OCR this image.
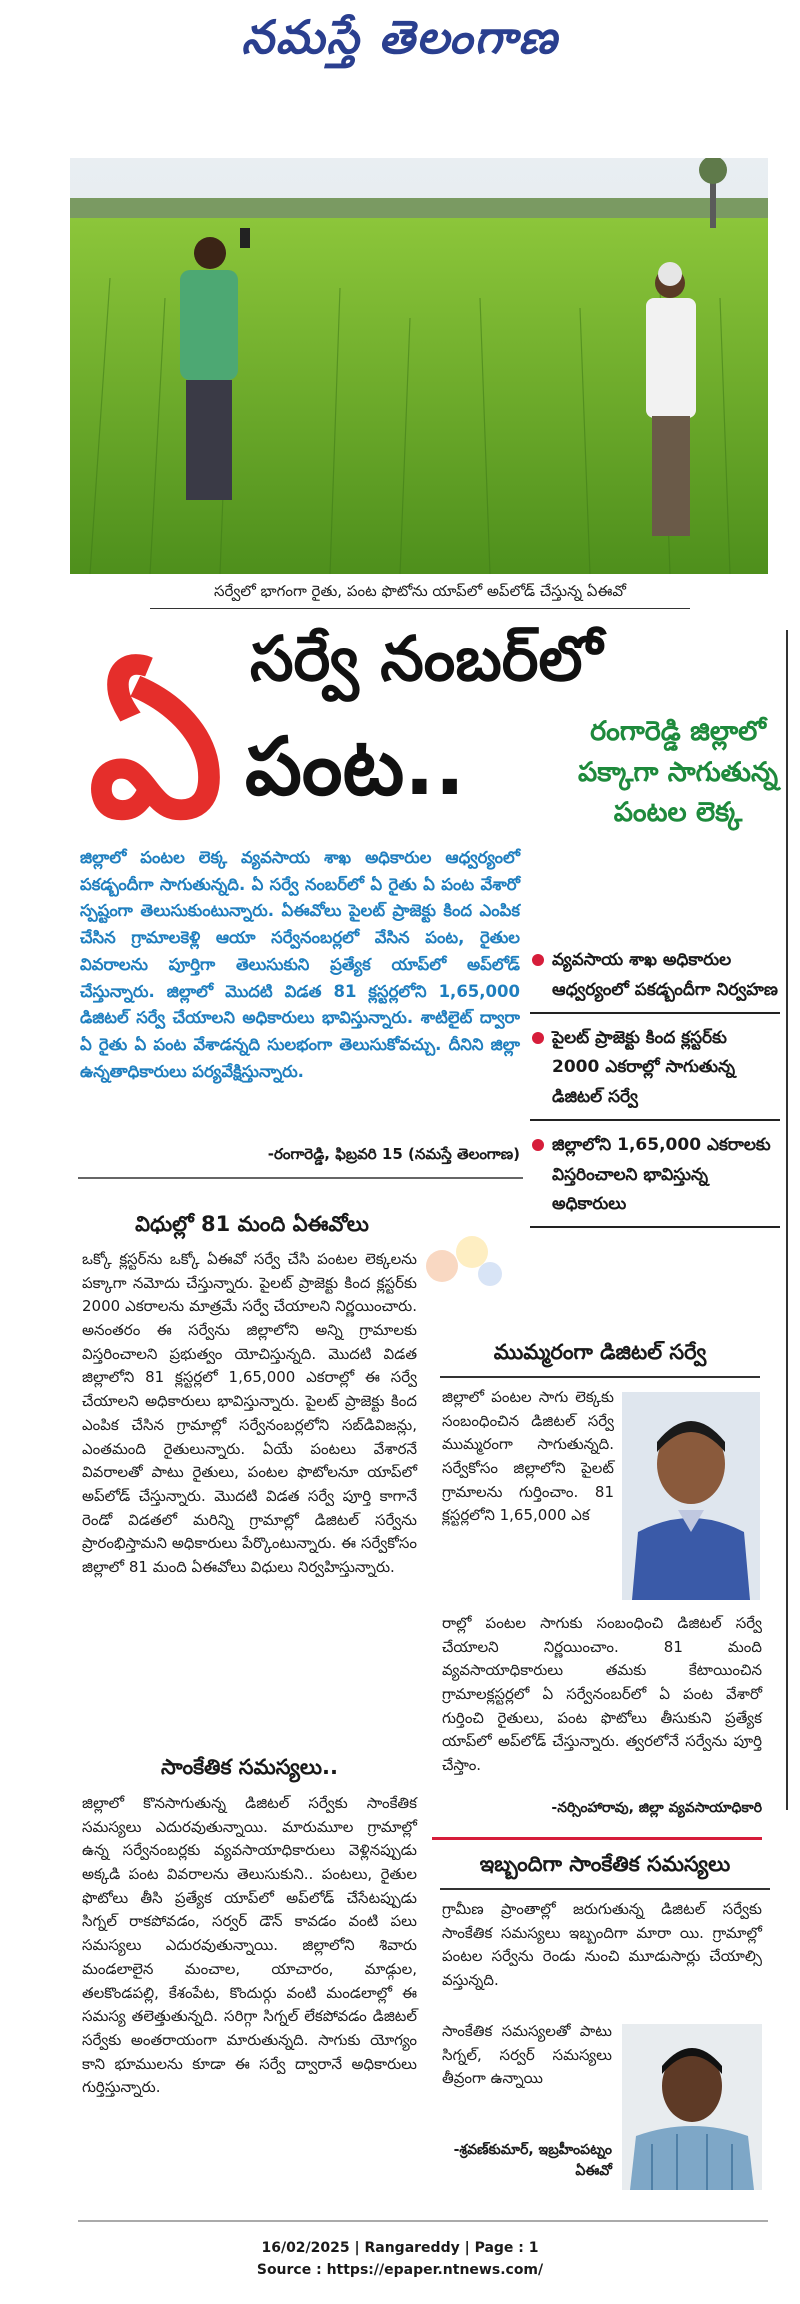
నమస్తే తెలంగాణ
సర్వేలో భాగంగా రైతు, పంట ఫొటోను యాప్‌లో అప్‌లోడ్‌ చేస్తున్న ఏఈవో
ఏ సర్వే నంబర్‌లో
పంట..	రంగారెడ్డి జిల్లాలో పక్కాగా సాగుతున్న పంటల లెక్క
వ్యవసాయ శాఖ అధికారుల ఆధ్వర్యంలో పకడ్బందీగా నిర్వహణ
పైలట్‌ ప్రాజెక్టు కింద క్లస్టర్‌కు 2000 ఎకరాల్లో సాగుతున్న డిజిటల్‌ సర్వే
జిల్లాలోని 1,65,000 ఎకరాలకు విస్తరించాలని భావిస్తున్న అధికారులు
జిల్లాలో పంటల లెక్క వ్యవసాయ శాఖ అధికారుల ఆధ్వర్యంలో పకడ్బందీగా సాగుతున్నది. ఏ సర్వే నంబర్‌లో ఏ రైతు ఏ పంట వేశారో స్పష్టంగా తెలుసుకుంటున్నారు. ఏఈవోలు పైలట్‌ ప్రాజెక్టు కింద ఎంపిక చేసిన గ్రామాలకెళ్లి ఆయా సర్వేనంబర్లలో వేసిన పంట, రైతుల వివరాలను పూర్తిగా తెలుసుకుని ప్రత్యేక యాప్‌లో అప్‌లోడ్‌ చేస్తున్నారు. జిల్లాలో మొదటి విడత 81 క్లస్టర్లలోని 1,65,000 డిజిటల్‌ సర్వే చేయాలని అధికారులు భావిస్తున్నారు. శాటిలైట్‌ ద్వారా ఏ రైతు ఏ పంట వేశాడన్నది సులభంగా తెలుసుకోవచ్చు. దీనిని జిల్లా ఉన్నతాధికారులు పర్యవేక్షిస్తున్నారు.
-రంగారెడ్డి, ఫిబ్రవరి 15 (నమస్తే తెలంగాణ)
విధుల్లో 81 మంది ఏఈవోలు
ఒక్కో క్లస్టర్‌ను ఒక్కో ఏఈవో సర్వే చేసి పంటల లెక్కలను పక్కాగా నమోదు చేస్తున్నారు. పైలట్‌ ప్రాజెక్టు కింద క్లస్టర్‌కు 2000 ఎకరాలను మాత్రమే సర్వే చేయాలని నిర్ణయించారు. అనంతరం ఈ సర్వేను జిల్లాలోని అన్ని గ్రామాలకు విస్తరించాలని ప్రభుత్వం యోచిస్తున్నది. మొదటి విడత జిల్లాలోని 81 క్లస్టర్లలో 1,65,000 ఎకరాల్లో ఈ సర్వే చేయాలని అధికారులు భావిస్తున్నారు. పైలట్‌ ప్రాజెక్టు కింద ఎంపిక చేసిన గ్రామాల్లో సర్వేనంబర్లలోని సబ్‌డివిజన్లు, ఎంతమంది రైతులున్నారు. ఏయే పంటలు వేశారనే వివరాలతో పాటు రైతులు, పంటల ఫొటోలనూ యాప్‌లో అప్‌లోడ్‌ చేస్తున్నారు. మొదటి విడత సర్వే పూర్తి కాగానే రెండో విడతలో మరిన్ని గ్రామాల్లో డిజిటల్‌ సర్వేను ప్రారంభిస్తామని అధికారులు పేర్కొంటున్నారు. ఈ సర్వేకోసం జిల్లాలో 81 మంది ఏఈవోలు విధులు నిర్వహిస్తున్నారు.
సాంకేతిక సమస్యలు..
జిల్లాలో కొనసాగుతున్న డిజిటల్‌ సర్వేకు సాంకేతిక సమస్యలు ఎదురవుతున్నాయి. మారుమూల గ్రామాల్లో ఉన్న సర్వేనంబర్లకు వ్యవసాయాధికారులు వెళ్లినప్పుడు అక్కడి పంట వివరాలను తెలుసుకుని.. పంటలు, రైతుల ఫొటోలు తీసి ప్రత్యేక యాప్‌లో అప్‌లోడ్‌ చేసేటప్పుడు సిగ్నల్‌ రాకపోవడం, సర్వర్‌ డౌన్‌ కావడం వంటి పలు సమస్యలు ఎదురవుతున్నాయి. జిల్లాలోని శివారు మండలాలైన మంచాల, యాచారం, మాడ్గుల, తలకొండపల్లి, కేశంపేట, కొందుర్గు వంటి మండలాల్లో ఈ సమస్య తలెత్తుతున్నది. సరిగ్గా సిగ్నల్‌ లేకపోవడం డిజిటల్‌ సర్వేకు అంతరాయంగా మారుతున్నది. సాగుకు యోగ్యం కాని భూములను కూడా ఈ సర్వే ద్వారానే అధికారులు గుర్తిస్తున్నారు.
ముమ్మరంగా డిజిటల్‌ సర్వే
జిల్లాలో పంటల సాగు లెక్కకు సంబంధించిన డిజిటల్‌ సర్వే ముమ్మరంగా సాగుతున్నది. సర్వేకోసం జిల్లాలోని పైలట్‌ గ్రామాలను గుర్తించాం. 81 క్లస్టర్లలోని 1,65,000 ఎక
రాల్లో పంటల సాగుకు సంబంధించి డిజిటల్‌ సర్వే చేయాలని నిర్ణయించాం. 81 మంది వ్యవసాయాధికారులు తమకు కేటాయించిన గ్రామాలక్లస్టర్లలో ఏ సర్వేనంబర్‌లో ఏ పంట వేశారో గుర్తించి రైతులు, పంట ఫొటోలు తీసుకుని ప్రత్యేక యాప్‌లో అప్‌లోడ్‌ చేస్తున్నారు. త్వరలోనే సర్వేను పూర్తి చేస్తాం.
-నర్సింహారావు, జిల్లా వ్యవసాయాధికారి
ఇబ్బందిగా సాంకేతిక సమస్యలు
గ్రామీణ ప్రాంతాల్లో జరుగుతున్న డిజిటల్‌ సర్వేకు సాంకేతిక సమస్యలు ఇబ్బందిగా మారా యి. గ్రామాల్లో పంటల సర్వేను రెండు నుంచి మూడుసార్లు చేయాల్సి వస్తున్నది.
సాంకేతిక సమస్యలతో పాటు సిగ్నల్‌, సర్వర్‌ సమస్యలు తీవ్రంగా ఉన్నాయి
-శ్రవణ్‌కుమార్‌, ఇబ్రహీంపట్నం ఏఈవో
16/02/2025 | Rangareddy | Page : 1
Source : https://epaper.ntnews.com/
